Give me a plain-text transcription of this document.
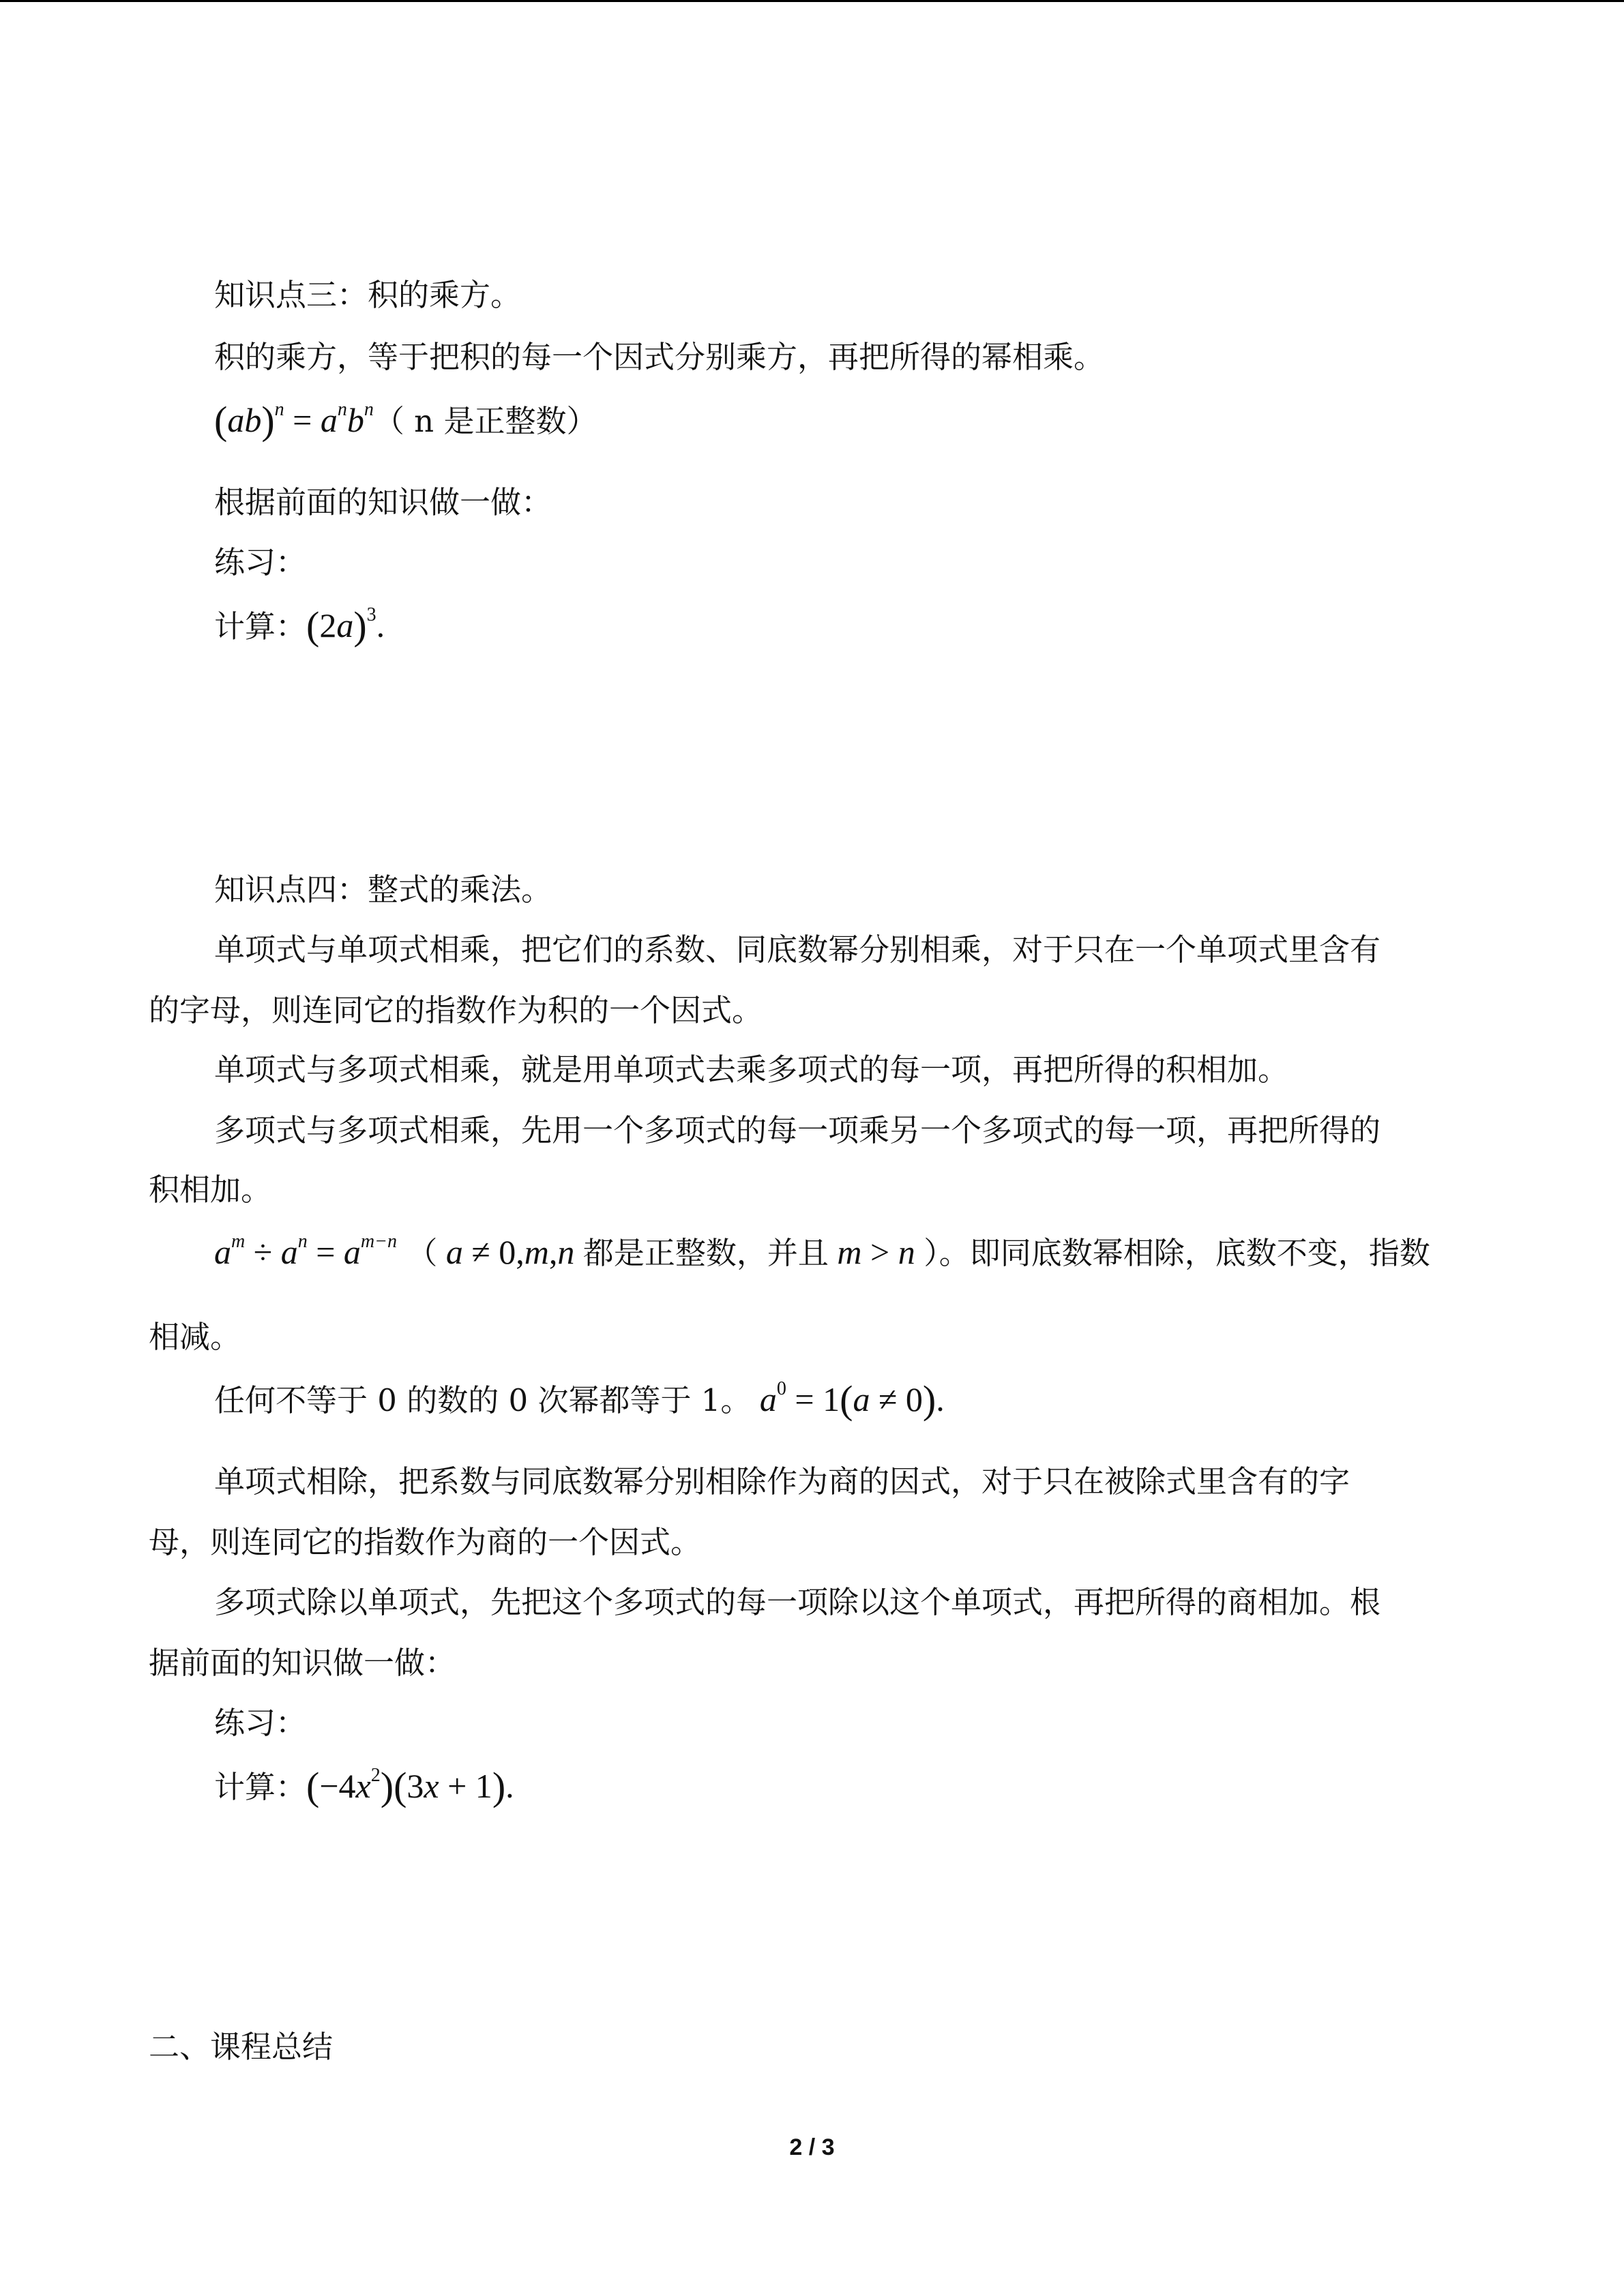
知识点三：积的乘方。
积的乘方，等于把积的每一个因式分别乘方，再把所得的幂相乘。
$(ab)^n = a^nb^n$（ n 是正整数）
根据前面的知识做一做：
练习：
计算：$(2a)^3$.
知识点四：整式的乘法。
单项式与单项式相乘，把它们的系数、同底数幂分别相乘，对于只在一个单项式里含有
的字母，则连同它的指数作为积的一个因式。
单项式与多项式相乘，就是用单项式去乘多项式的每一项，再把所得的积相加。
多项式与多项式相乘，先用一个多项式的每一项乘另一个多项式的每一项，再把所得的
积相加。
$a^m \div a^n = a^{m-n}$ （ a ≠ 0,m,n 都是正整数，并且 m > n ）。即同底数幂相除，底数不变，指数
相减。
任何不等于 0 的数的 0 次幂都等于 1。 $a^0 = 1(a \ne 0)$.
单项式相除，把系数与同底数幂分别相除作为商的因式，对于只在被除式里含有的字
母，则连同它的指数作为商的一个因式。
多项式除以单项式，先把这个多项式的每一项除以这个单项式，再把所得的商相加。根
据前面的知识做一做：
练习：
计算：$(-4x^2)(3x + 1)$.
二、课程总结
2 / 3
